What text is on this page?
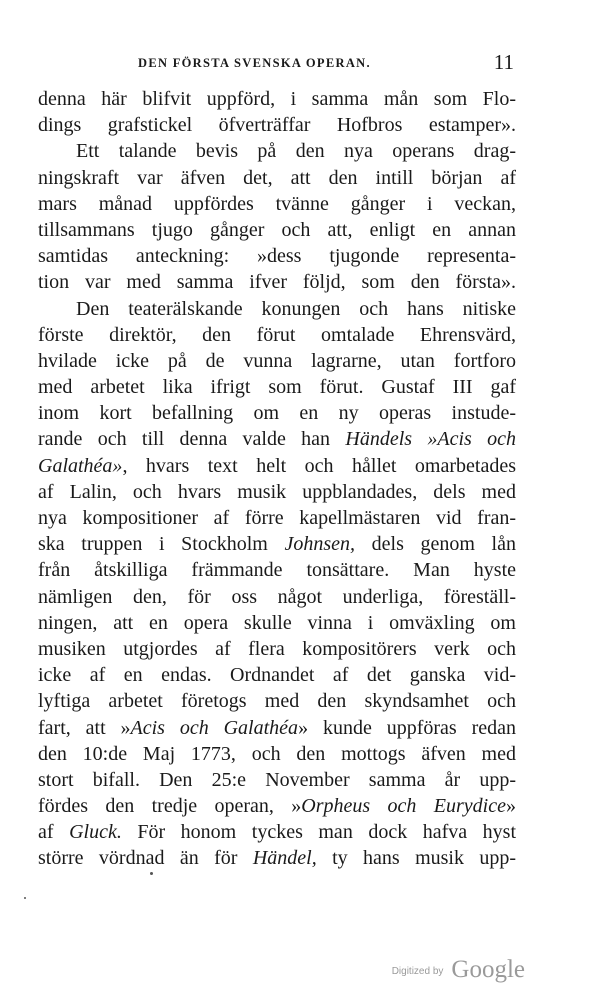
DEN FÖRSTA SVENSKA OPERAN.	11
denna här blifvit uppförd, i samma mån som Flo-
dings grafstickel öfverträffar Hofbros estamper».
Ett talande bevis på den nya operans drag-
ningskraft var äfven det, att den intill början af
mars månad uppfördes tvänne gånger i veckan,
tillsammans tjugo gånger och att, enligt en annan
samtidas anteckning: »dess tjugonde representa-
tion var med samma ifver följd, som den första».
Den teaterälskande konungen och hans nitiske
förste direktör, den förut omtalade Ehrensvärd,
hvilade icke på de vunna lagrarne, utan fortforo
med arbetet lika ifrigt som förut. Gustaf III gaf
inom kort befallning om en ny operas instude-
rande och till denna valde han Händels »Acis och
Galathéa», hvars text helt och hållet omarbetades
af Lalin, och hvars musik uppblandades, dels med
nya kompositioner af förre kapellmästaren vid fran-
ska truppen i Stockholm Johnsen, dels genom lån
från åtskilliga främmande tonsättare. Man hyste
nämligen den, för oss något underliga, föreställ-
ningen, att en opera skulle vinna i omväxling om
musiken utgjordes af flera kompositörers verk och
icke af en endas. Ordnandet af det ganska vid-
lyftiga arbetet företogs med den skyndsamhet och
fart, att »Acis och Galathéa» kunde uppföras redan
den 10:de Maj 1773, och den mottogs äfven med
stort bifall. Den 25:e November samma år upp-
fördes den tredje operan, »Orpheus och Eurydice»
af Gluck. För honom tyckes man dock hafva hyst
större vördnad än för Händel, ty hans musik upp-
Digitized by Google
